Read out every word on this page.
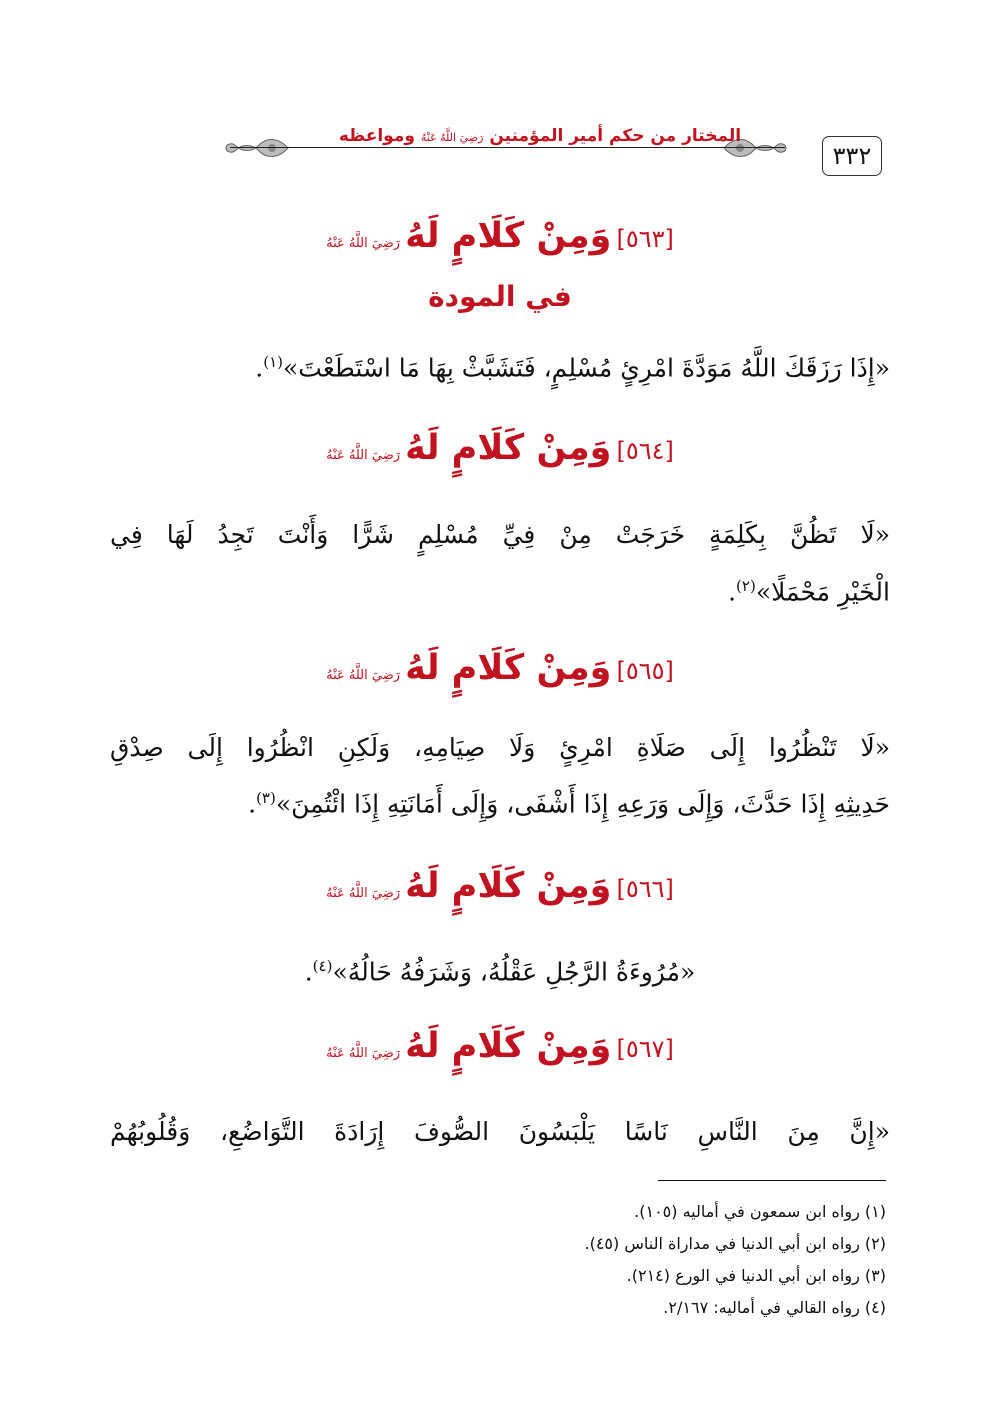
٣٣٢
المختار من حكم أمير المؤمنين رَضِيَ اللَّهُ عَنْهُ ومواعظه
[٥٦٣] وَمِنْ كَلَامٍ لَهُ رَضِيَ اللَّهُ عَنْهُ
في المودة
«إِذَا رَزَقَكَ اللَّهُ مَوَدَّةَ امْرِئٍ مُسْلِمٍ، فَتَشَبَّثْ بِهَا مَا اسْتَطَعْتَ»$^{(١)}$.
[٥٦٤] وَمِنْ كَلَامٍ لَهُ رَضِيَ اللَّهُ عَنْهُ
«لَا تَظُنَّ بِكَلِمَةٍ خَرَجَتْ مِنْ فِيِّ مُسْلِمٍ شَرًّا وَأَنْتَ تَجِدُ لَهَا فِي
الْخَيْرِ مَحْمَلًا»$^{(٢)}$.
[٥٦٥] وَمِنْ كَلَامٍ لَهُ رَضِيَ اللَّهُ عَنْهُ
«لَا تَنْظُرُوا إِلَى صَلَاةِ امْرِئٍ وَلَا صِيَامِهِ، وَلَكِنِ انْظُرُوا إِلَى صِدْقِ
حَدِيثِهِ إِذَا حَدَّثَ، وَإِلَى وَرَعِهِ إِذَا أَشْفَى، وَإِلَى أَمَانَتِهِ إِذَا ائْتُمِنَ»$^{(٣)}$.
[٥٦٦] وَمِنْ كَلَامٍ لَهُ رَضِيَ اللَّهُ عَنْهُ
«مُرُوءَةُ الرَّجُلِ عَقْلُهُ، وَشَرَفُهُ حَالُهُ»$^{(٤)}$.
[٥٦٧] وَمِنْ كَلَامٍ لَهُ رَضِيَ اللَّهُ عَنْهُ
«إِنَّ مِنَ النَّاسِ نَاسًا يَلْبَسُونَ الصُّوفَ إِرَادَةَ التَّوَاضُعِ، وَقُلُوبُهُمْ
(١) رواه ابن سمعون في أماليه (١٠٥).
(٢) رواه ابن أبي الدنيا في مداراة الناس (٤٥).
(٣) رواه ابن أبي الدنيا في الورع (٢١٤).
(٤) رواه القالي في أماليه: ٢/١٦٧.
